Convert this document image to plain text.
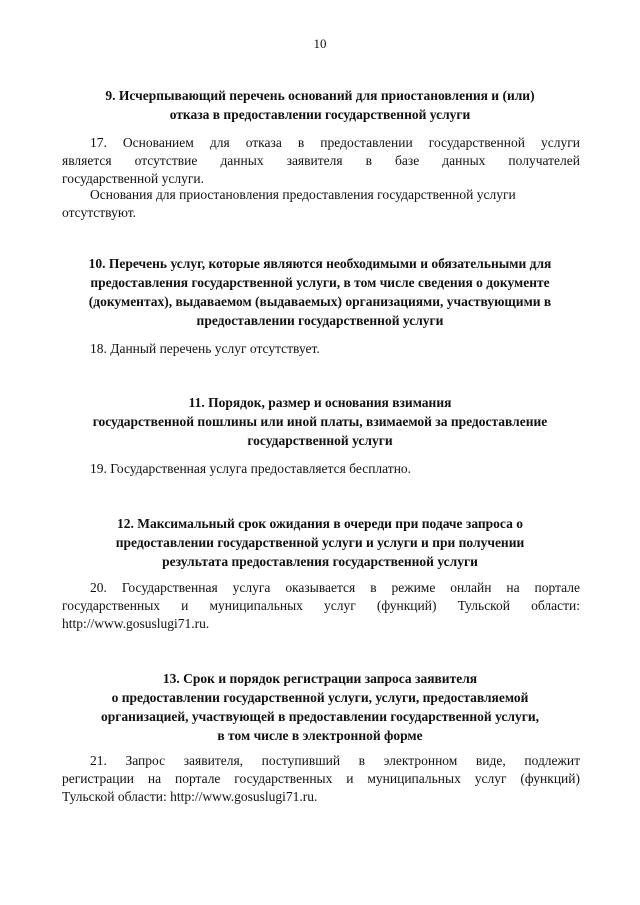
10
9. Исчерпывающий перечень оснований для приостановления и (или)
отказа в предоставлении государственной услуги
17. Основанием для отказа в предоставлении государственной услуги
является отсутствие данных заявителя в базе данных получателей
государственной услуги.
Основания для приостановления предоставления государственной услуги
отсутствуют.
10. Перечень услуг, которые являются необходимыми и обязательными для
предоставления государственной услуги, в том числе сведения о документе
(документах), выдаваемом (выдаваемых) организациями, участвующими в
предоставлении государственной услуги
18. Данный перечень услуг отсутствует.
11. Порядок, размер и основания взимания
государственной пошлины или иной платы, взимаемой за предоставление
государственной услуги
19. Государственная услуга предоставляется бесплатно.
12. Максимальный срок ожидания в очереди при подаче запроса о
предоставлении государственной услуги и услуги и при получении
результата предоставления государственной услуги
20. Государственная услуга оказывается в режиме онлайн на портале
государственных и муниципальных услуг (функций) Тульской области:
http://www.gosuslugi71.ru.
13. Срок и порядок регистрации запроса заявителя
о предоставлении государственной услуги, услуги, предоставляемой
организацией, участвующей в предоставлении государственной услуги,
в том числе в электронной форме
21. Запрос заявителя, поступивший в электронном виде, подлежит
регистрации на портале государственных и муниципальных услуг (функций)
Тульской области: http://www.gosuslugi71.ru.
